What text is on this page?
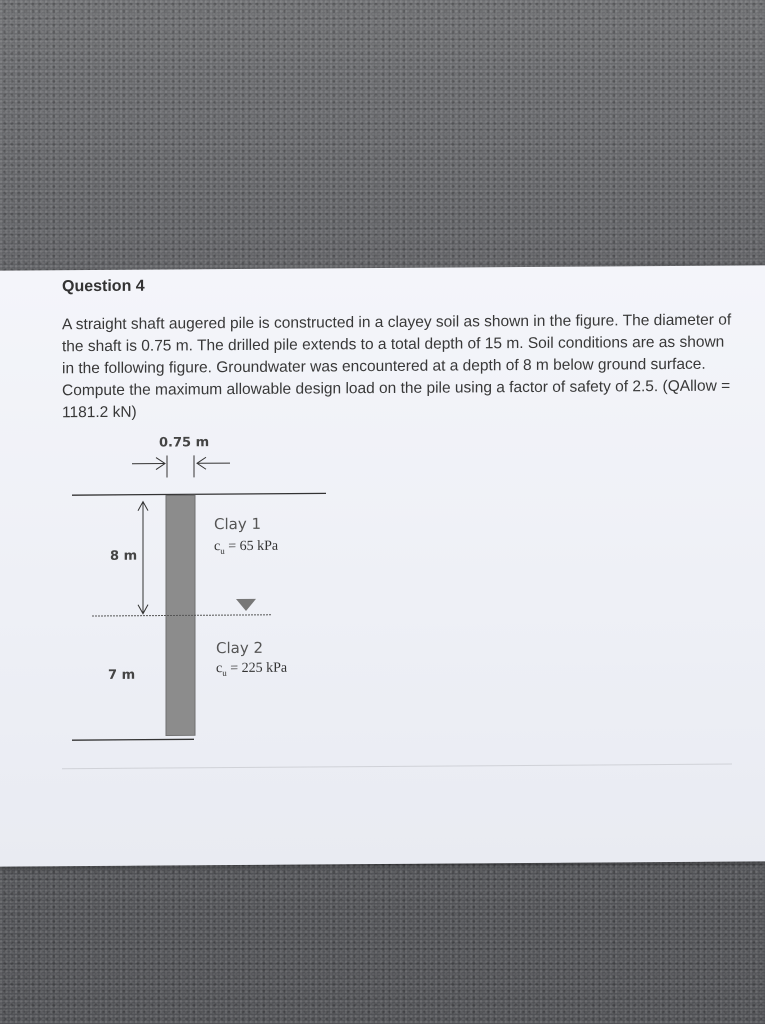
Question 4

A straight shaft augered pile is constructed in a clayey soil as shown in the figure. The diameter of the shaft is 0.75 m. The drilled pile extends to a total depth of 15 m. Soil conditions are as shown in the following figure. Groundwater was encountered at a depth of 8 m below ground surface. Compute the maximum allowable design load on the pile using a factor of safety of 2.5. (QAllow = 1181.2 kN)

0.75 m
8 m
7 m
Clay 1
$c_u = 65$ kPa
Clay 2
$c_u = 225$ kPa
